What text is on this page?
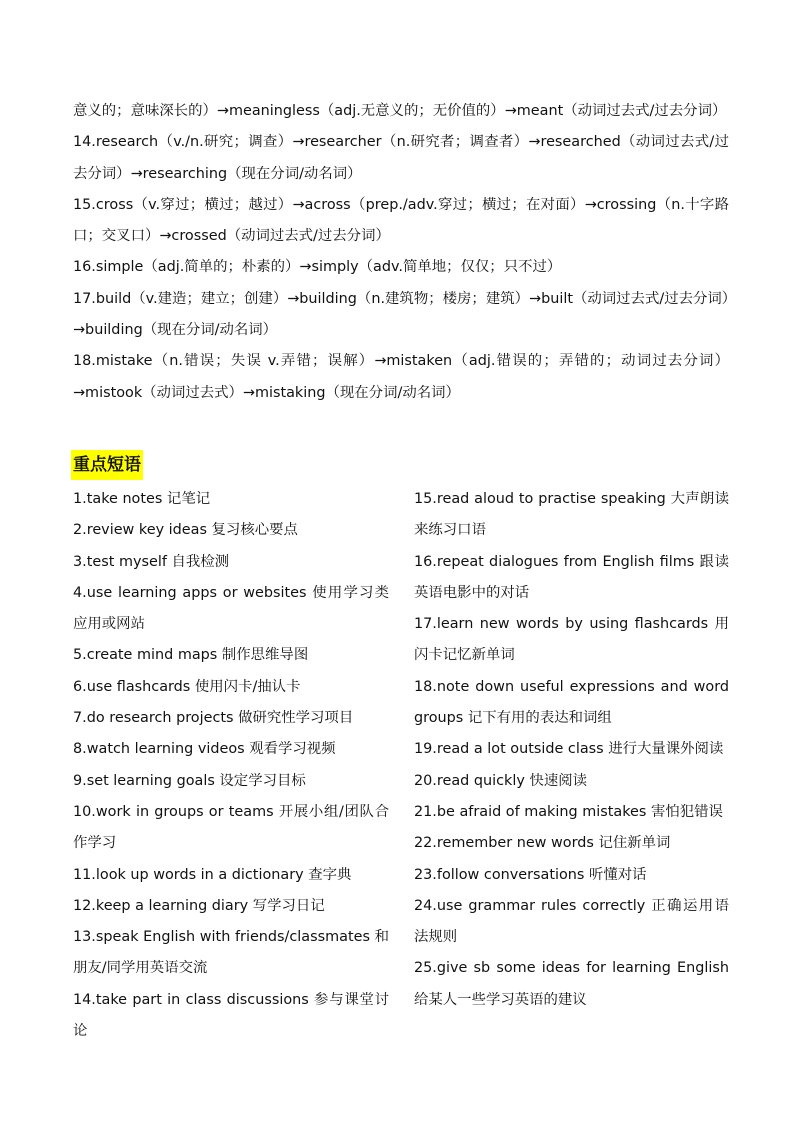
意义的；意味深长的）→meaningless（adj.无意义的；无价值的）→meant（动词过去式/过去分词）

14.research（v./n.研究；调查）→researcher（n.研究者；调查者）→researched（动词过去式/过去分词）→researching（现在分词/动名词）

15.cross（v.穿过；横过；越过）→across（prep./adv.穿过；横过；在对面）→crossing（n.十字路口；交叉口）→crossed（动词过去式/过去分词）

16.simple（adj.简单的；朴素的）→simply（adv.简单地；仅仅；只不过）

17.build（v.建造；建立；创建）→building（n.建筑物；楼房；建筑）→built（动词过去式/过去分词）→building（现在分词/动名词）

18.mistake（n.错误；失误 v.弄错；误解）→mistaken（adj.错误的；弄错的；动词过去分词）→mistook（动词过去式）→mistaking（现在分词/动名词）

重点短语

1.take notes 记笔记

2.review key ideas 复习核心要点

3.test myself 自我检测

4.use learning apps or websites 使用学习类应用或网站

5.create mind maps 制作思维导图

6.use flashcards 使用闪卡/抽认卡

7.do research projects 做研究性学习项目

8.watch learning videos 观看学习视频

9.set learning goals 设定学习目标

10.work in groups or teams 开展小组/团队合作学习

11.look up words in a dictionary 查字典

12.keep a learning diary 写学习日记

13.speak English with friends/classmates 和朋友/同学用英语交流

14.take part in class discussions 参与课堂讨论

15.read aloud to practise speaking 大声朗读来练习口语

16.repeat dialogues from English films 跟读英语电影中的对话

17.learn new words by using flashcards 用闪卡记忆新单词

18.note down useful expressions and word groups 记下有用的表达和词组

19.read a lot outside class 进行大量课外阅读

20.read quickly 快速阅读

21.be afraid of making mistakes 害怕犯错误

22.remember new words 记住新单词

23.follow conversations 听懂对话

24.use grammar rules correctly 正确运用语法规则

25.give sb some ideas for learning English 给某人一些学习英语的建议
